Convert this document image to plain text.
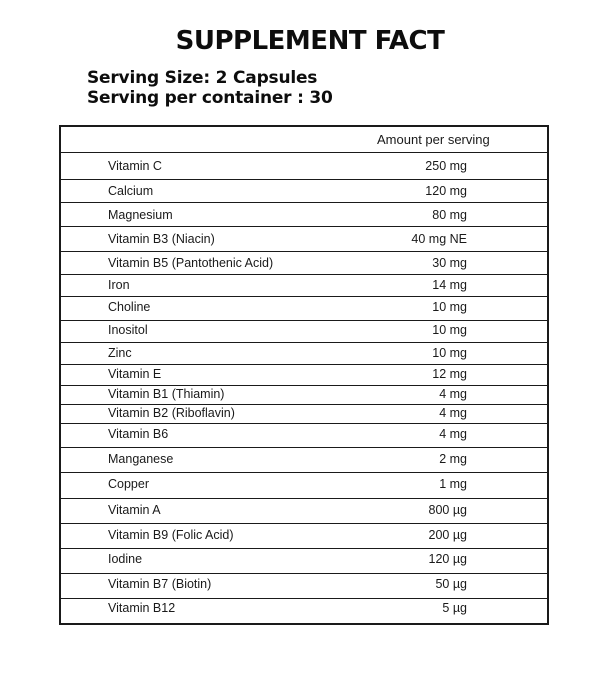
SUPPLEMENT FACT
Serving Size: 2 Capsules
Serving per container : 30
Amount per serving
Vitamin C	250 mg
Calcium	120 mg
Magnesium	80 mg
Vitamin B3 (Niacin)	40 mg NE
Vitamin B5 (Pantothenic Acid)	30 mg
Iron	14 mg
Choline	10 mg
Inositol	10 mg
Zinc	10 mg
Vitamin E	12 mg
Vitamin B1 (Thiamin)	4 mg
Vitamin B2 (Riboflavin)	4 mg
Vitamin B6	4 mg
Manganese	2 mg
Copper	1 mg
Vitamin A	800 µg
Vitamin B9 (Folic Acid)	200 µg
Iodine	120 µg
Vitamin B7 (Biotin)	50 µg
Vitamin B12	5 µg
